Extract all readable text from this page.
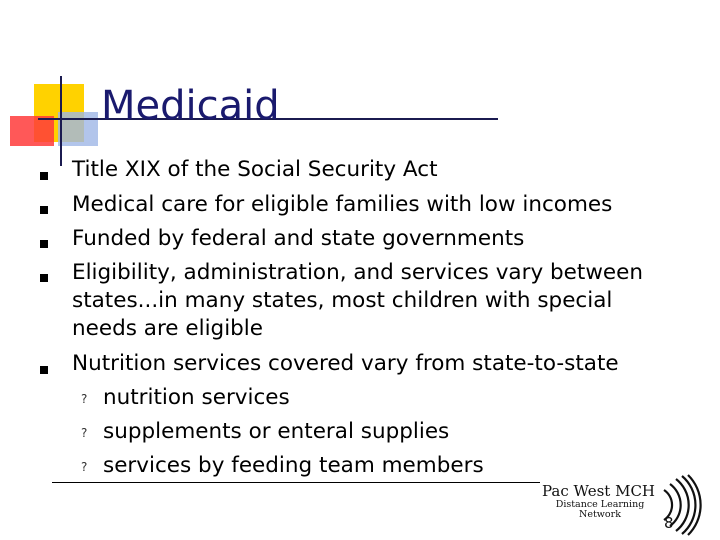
Medicaid
Title XIX of the Social Security Act
Medical care for eligible families with low incomes
Funded by federal and state governments
Eligibility, administration, and services vary between
states...in many states, most children with special
needs are eligible
Nutrition services covered vary from state-to-state
? nutrition services
? supplements or enteral supplies
? services by feeding team members
Pac West MCH
Distance Learning
Network	8
